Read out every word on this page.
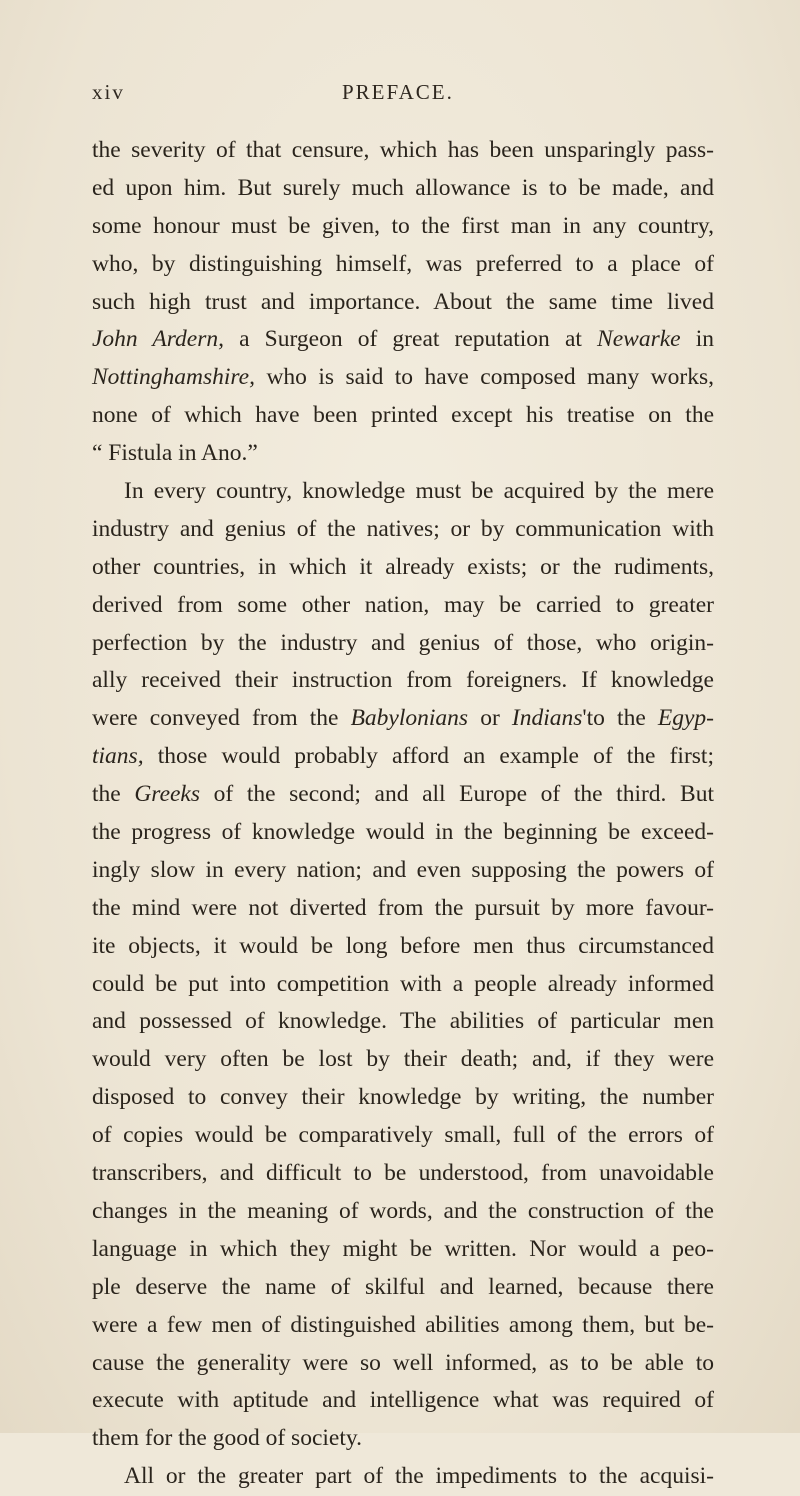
xiv	PREFACE.
the severity of that censure, which has been unsparingly pass-
ed upon him. But surely much allowance is to be made, and
some honour must be given, to the first man in any country,
who, by distinguishing himself, was preferred to a place of
such high trust and importance. About the same time lived
John Ardern, a Surgeon of great reputation at Newarke in
Nottinghamshire, who is said to have composed many works,
none of which have been printed except his treatise on the
“ Fistula in Ano.”
In every country, knowledge must be acquired by the mere
industry and genius of the natives; or by communication with
other countries, in which it already exists; or the rudiments,
derived from some other nation, may be carried to greater
perfection by the industry and genius of those, who origin-
ally received their instruction from foreigners. If knowledge
were conveyed from the Babylonians or Indians'to the Egyp-
tians, those would probably afford an example of the first;
the Greeks of the second; and all Europe of the third. But
the progress of knowledge would in the beginning be exceed-
ingly slow in every nation; and even supposing the powers of
the mind were not diverted from the pursuit by more favour-
ite objects, it would be long before men thus circumstanced
could be put into competition with a people already informed
and possessed of knowledge. The abilities of particular men
would very often be lost by their death; and, if they were
disposed to convey their knowledge by writing, the number
of copies would be comparatively small, full of the errors of
transcribers, and difficult to be understood, from unavoidable
changes in the meaning of words, and the construction of the
language in which they might be written. Nor would a peo-
ple deserve the name of skilful and learned, because there
were a few men of distinguished abilities among them, but be-
cause the generality were so well informed, as to be able to
execute with aptitude and intelligence what was required of
them for the good of society.
All or the greater part of the impediments to the acquisi-
